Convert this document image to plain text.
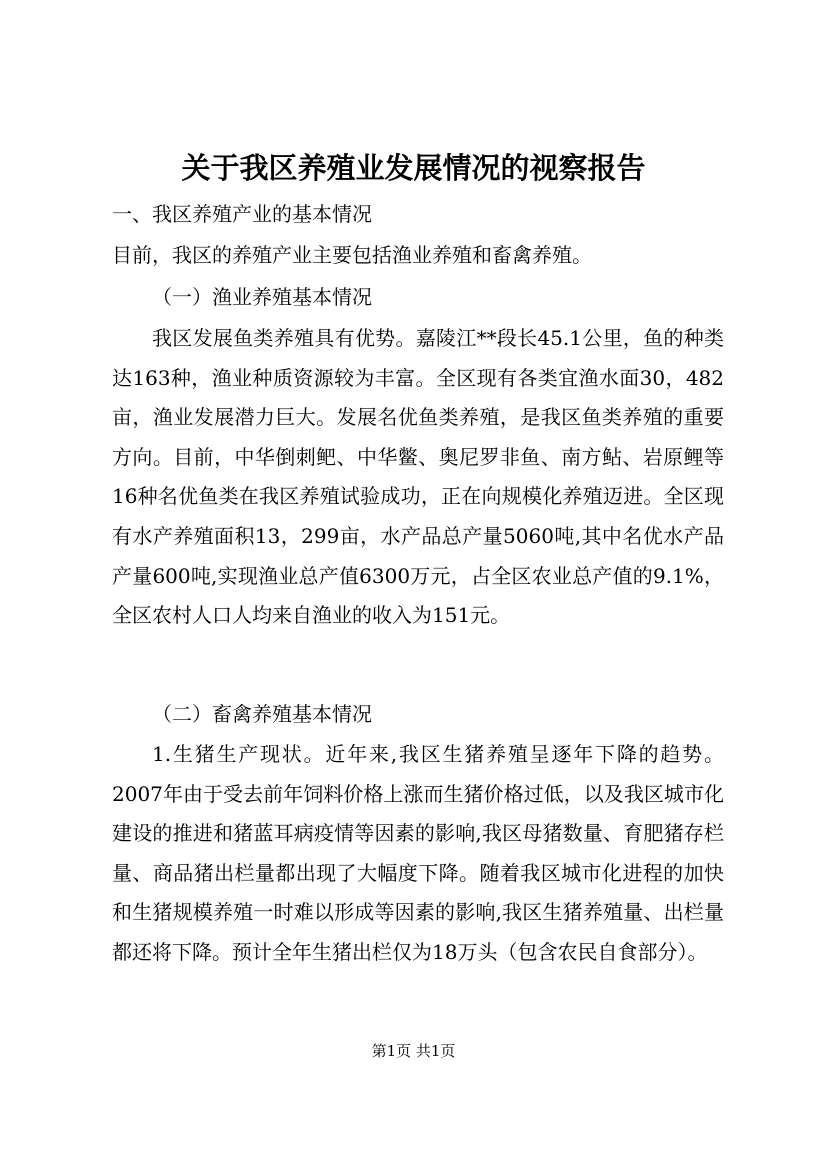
关于我区养殖业发展情况的视察报告

一、我区养殖产业的基本情况

目前，我区的养殖产业主要包括渔业养殖和畜禽养殖。

（一）渔业养殖基本情况

我区发展鱼类养殖具有优势。嘉陵江**段长45.1公里，鱼的种类达163种，渔业种质资源较为丰富。全区现有各类宜渔水面30，482亩，渔业发展潜力巨大。发展名优鱼类养殖，是我区鱼类养殖的重要方向。目前，中华倒刺鲃、中华鳖、奥尼罗非鱼、南方鲇、岩原鲤等16种名优鱼类在我区养殖试验成功，正在向规模化养殖迈进。全区现有水产养殖面积13，299亩，水产品总产量5060吨,其中名优水产品产量600吨,实现渔业总产值6300万元，占全区农业总产值的9.1%，全区农村人口人均来自渔业的收入为151元。

（二）畜禽养殖基本情况

1.生猪生产现状。近年来,我区生猪养殖呈逐年下降的趋势。2007年由于受去前年饲料价格上涨而生猪价格过低，以及我区城市化建设的推进和猪蓝耳病疫情等因素的影响,我区母猪数量、育肥猪存栏量、商品猪出栏量都出现了大幅度下降。随着我区城市化进程的加快和生猪规模养殖一时难以形成等因素的影响,我区生猪养殖量、出栏量都还将下降。预计全年生猪出栏仅为18万头（包含农民自食部分）。

第1页 共1页
